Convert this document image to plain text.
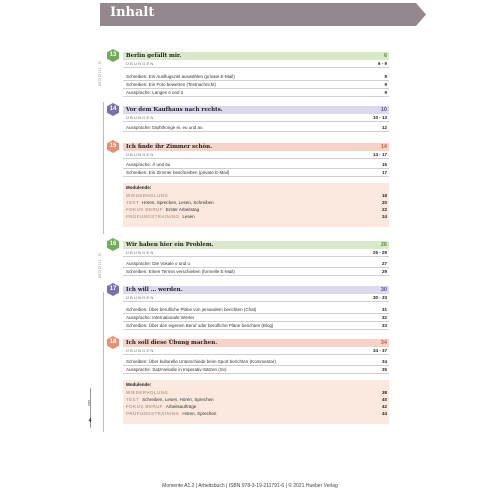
Inhalt
MODUL 5
MODUL 6
13	Berlin gefällt mir.	6
ÜBUNGEN	6 - 9
Schreiben: Ein Ausflugsziel auswählen (private E-Mail)	8
Schreiben: Ein Foto bewerten (Textnachricht)	9
Aussprache: Langes ö und ü	9
14	Vor dem Kaufhaus nach rechts.	10
ÜBUNGEN	10 - 13
Aussprache: Diphthonge ei, eu und au	12
15	Ich finde ihr Zimmer schön.	14
ÜBUNGEN	14 - 17
Aussprache: Ä und äu	15
Schreiben: Ein Zimmer beschreiben (private E-Mail)	17
Modulende:
WIEDERHOLUNG	18
TEST Hören, Sprechen, Lesen, Schreiben	20
FOKUS BERUF Erster Arbeitstag	22
PRÜFUNGSTRAINING Lesen	24
16	Wir haben hier ein Problem.	26
ÜBUNGEN	26 - 29
Aussprache: Die Vokale o und u	27
Schreiben: Einen Termin verschieben (formelle E-Mail)	29
17	Ich will … werden.	30
ÜBUNGEN	30 - 33
Schreiben: Über berufliche Pläne von jemandem berichten (Chat)	31
Aussprache: Internationale Wörter	32
Schreiben: Über den eigenen Beruf oder berufliche Pläne berichten (Blog)	33
18	Ich soll diese Übung machen.	34
ÜBUNGEN	34 - 37
Schreiben: Über kulturelle Unterschiede beim Sport berichten (Kommentar)	34
Aussprache: Satzmelodie in Imperativ-Sätzen (Sv)	35
Modulende:
WIEDERHOLUNG	38
TEST Schreiben, Lesen, Hören, Sprechen	40
FOKUS BERUF Arbeitsaufträge	42
PRÜFUNGSTRAINING Hören, Sprechen	44
vier
4
Momente A1.2 | Arbeitsbuch | ISBN 978-3-19-211791-6 | © 2021 Hueber Verlag
